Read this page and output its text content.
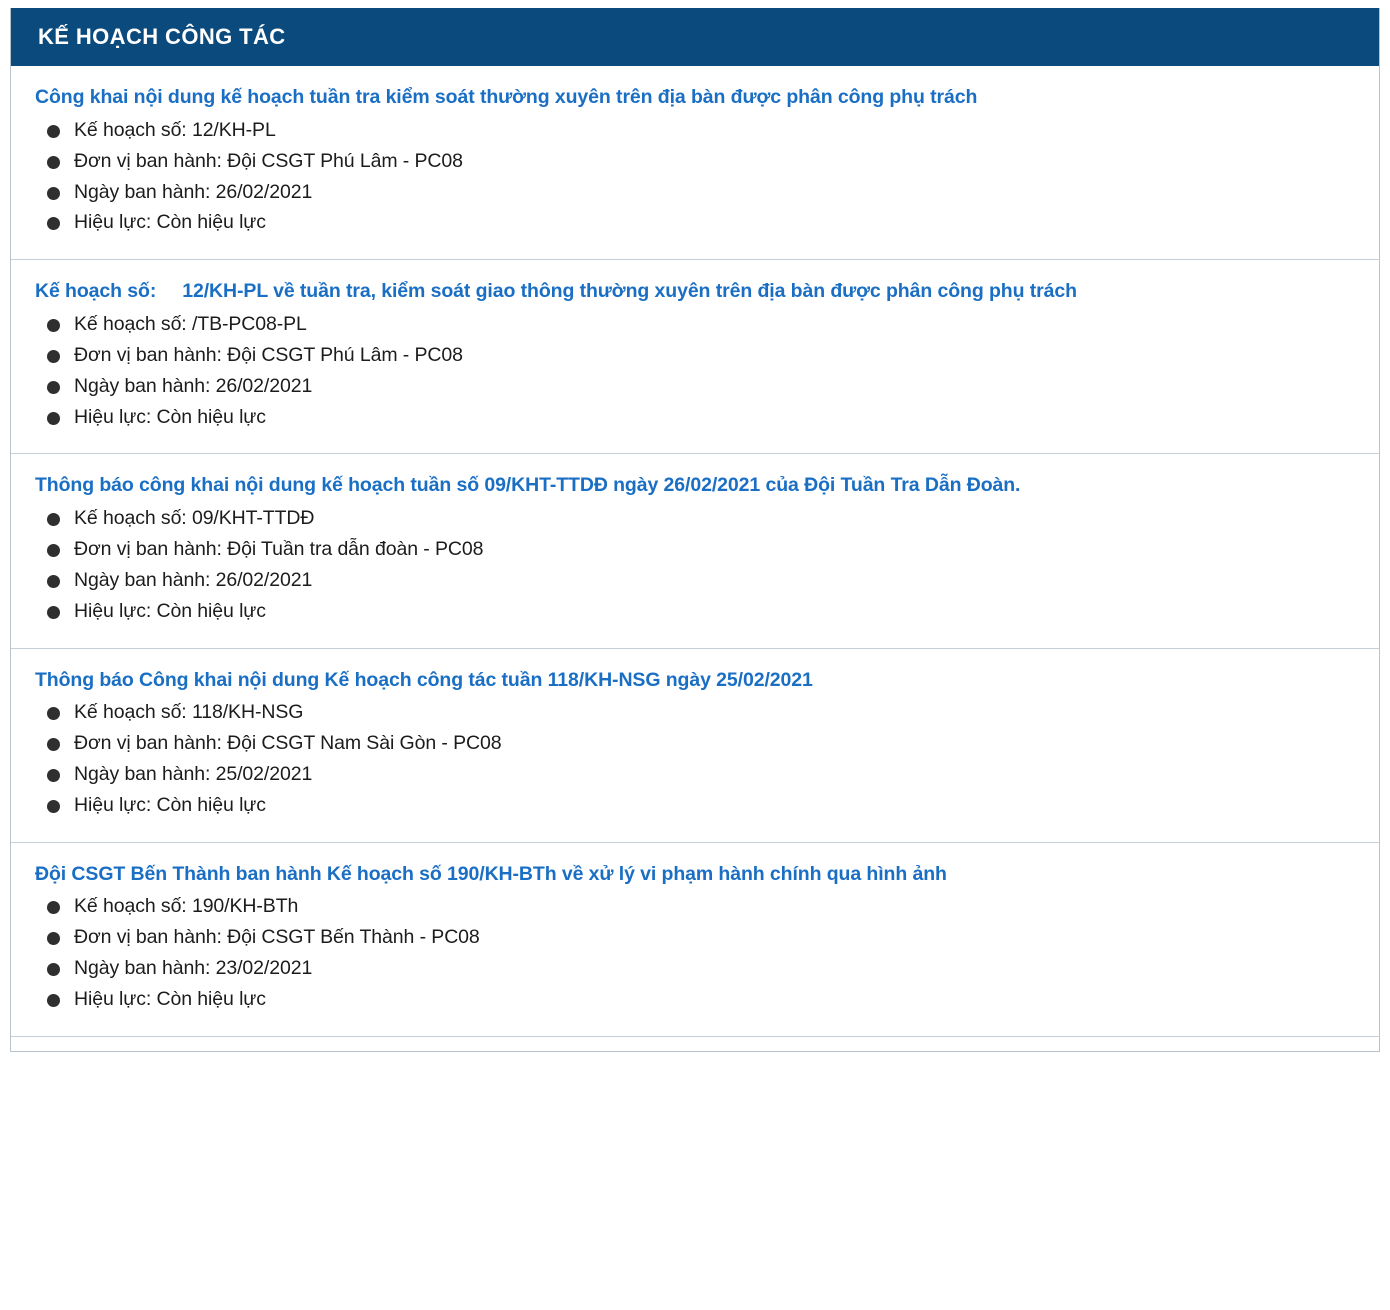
KẾ HOẠCH CÔNG TÁC
Công khai nội dung kế hoạch tuần tra kiểm soát thường xuyên trên địa bàn được phân công phụ trách
Kế hoạch số: 12/KH-PL
Đơn vị ban hành: Đội CSGT Phú Lâm - PC08
Ngày ban hành: 26/02/2021
Hiệu lực: Còn hiệu lực
Kế hoạch số: 12/KH-PL về tuần tra, kiểm soát giao thông thường xuyên trên địa bàn được phân công phụ trách
Kế hoạch số: /TB-PC08-PL
Đơn vị ban hành: Đội CSGT Phú Lâm - PC08
Ngày ban hành: 26/02/2021
Hiệu lực: Còn hiệu lực
Thông báo công khai nội dung kế hoạch tuần số 09/KHT-TTDĐ ngày 26/02/2021 của Đội Tuần Tra Dẫn Đoàn.
Kế hoạch số: 09/KHT-TTDĐ
Đơn vị ban hành: Đội Tuần tra dẫn đoàn - PC08
Ngày ban hành: 26/02/2021
Hiệu lực: Còn hiệu lực
Thông báo Công khai nội dung Kế hoạch công tác tuần 118/KH-NSG ngày 25/02/2021
Kế hoạch số: 118/KH-NSG
Đơn vị ban hành: Đội CSGT Nam Sài Gòn - PC08
Ngày ban hành: 25/02/2021
Hiệu lực: Còn hiệu lực
Đội CSGT Bến Thành ban hành Kế hoạch số 190/KH-BTh về xử lý vi phạm hành chính qua hình ảnh
Kế hoạch số: 190/KH-BTh
Đơn vị ban hành: Đội CSGT Bến Thành - PC08
Ngày ban hành: 23/02/2021
Hiệu lực: Còn hiệu lực
